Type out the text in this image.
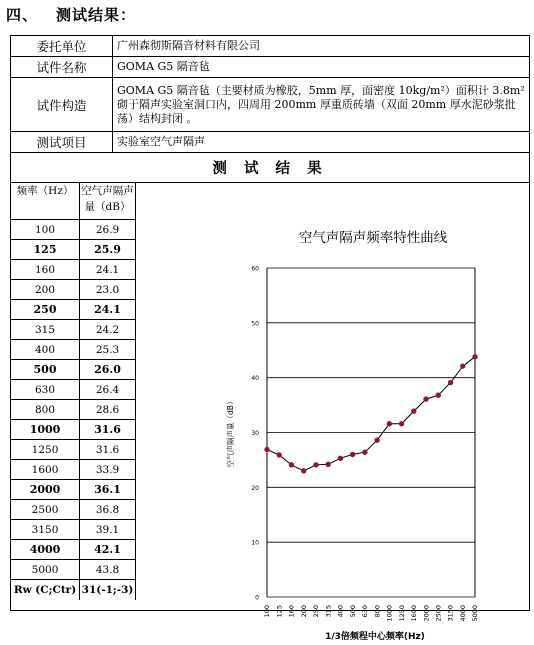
四、 测试结果：
委托单位	广州森彻斯隔音材料有限公司
试件名称	GOMA G5 隔音毡
试件构造	GOMA G5 隔音毡（主要材质为橡胶，5mm 厚，面密度 10kg/m²）面积计 3.8m² 砌于隔声实验室洞口内，四周用 200mm 厚重质砖墙（双面 20mm 厚水泥砂浆批荡）结构封闭 。
测试项目	实验室空气声隔声
测 试 结 果
频率（Hz）	空气声隔声量（dB）
100	26.9
125	25.9
160	24.1
200	23.0
250	24.1
315	24.2
400	25.3
500	26.0
630	26.4
800	28.6
1000	31.6
1250	31.6
1600	33.9
2000	36.1
2500	36.8
3150	39.1
4000	42.1
5000	43.8
Rw (C;Ctr)	31(-1;-3)
空气声隔声频率特性曲线
0
10
20
30
40
50
60
空气声隔声量（dB）
100 125 160 200 250 315 400 500 630 800 1000 1250 1600 2000 2500 3150 4000 5000
1/3倍频程中心频率(Hz)
